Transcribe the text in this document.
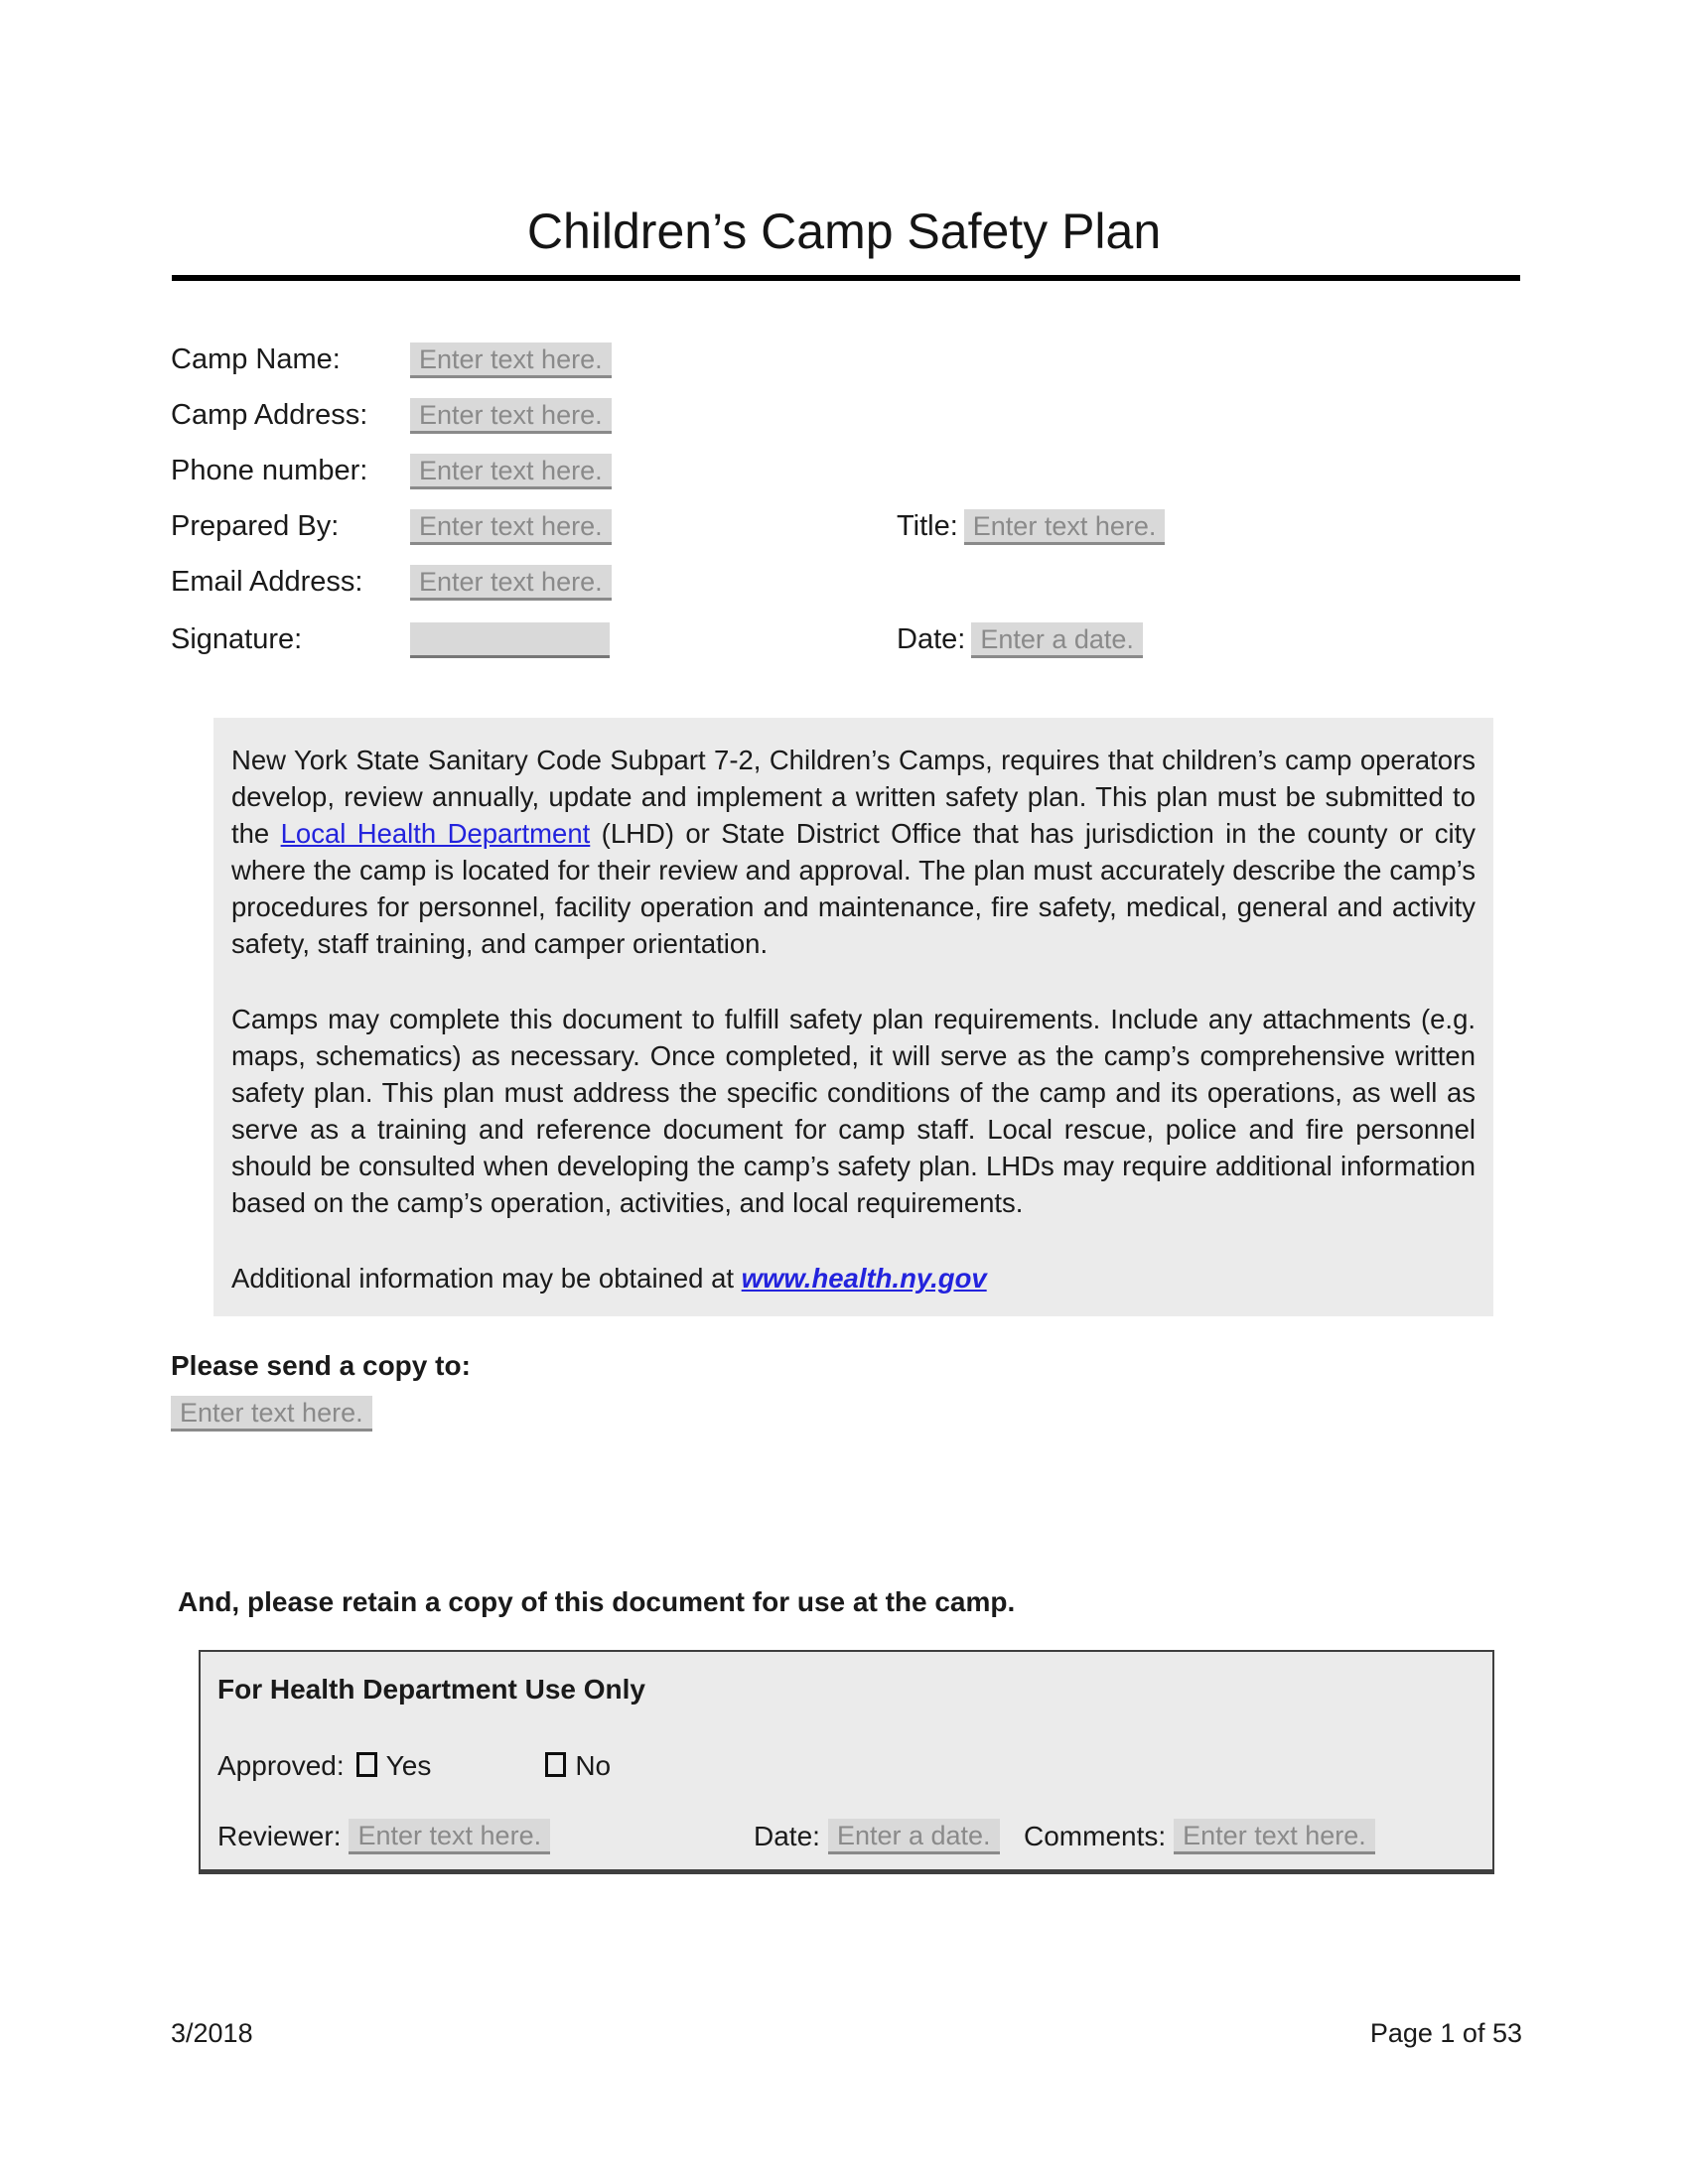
Children’s Camp Safety Plan
Camp Name:	Enter text here.
Camp Address: Enter text here.
Phone number: Enter text here.
Prepared By:	Enter text here.	Title: Enter text here.
Email Address: Enter text here.
Signature:	Date: Enter a date.

New York State Sanitary Code Subpart 7-2, Children’s Camps, requires that children’s camp operators develop, review annually, update and implement a written safety plan. This plan must be submitted to the Local Health Department (LHD) or State District Office that has jurisdiction in the county or city where the camp is located for their review and approval. The plan must accurately describe the camp’s procedures for personnel, facility operation and maintenance, fire safety, medical, general and activity safety, staff training, and camper orientation.

Camps may complete this document to fulfill safety plan requirements. Include any attachments (e.g. maps, schematics) as necessary. Once completed, it will serve as the camp’s comprehensive written safety plan. This plan must address the specific conditions of the camp and its operations, as well as serve as a training and reference document for camp staff. Local rescue, police and fire personnel should be consulted when developing the camp’s safety plan. LHDs may require additional information based on the camp’s operation, activities, and local requirements.

Additional information may be obtained at www.health.ny.gov

Please send a copy to:
Enter text here.
And, please retain a copy of this document for use at the camp.
For Health Department Use Only
Approved: Yes	No
Reviewer: Enter text here.	Date: Enter a date.	Comments: Enter text here.
3/2018	Page 1 of 53
